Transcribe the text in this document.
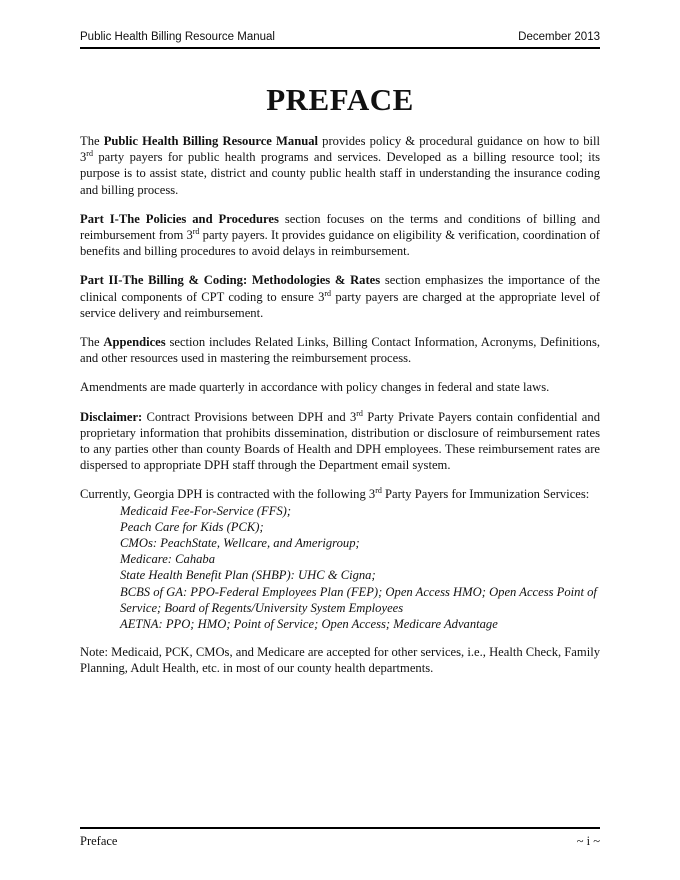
Public Health Billing Resource Manual	December 2013
PREFACE

The Public Health Billing Resource Manual provides policy & procedural guidance on how to bill 3rd party payers for public health programs and services. Developed as a billing resource tool; its purpose is to assist state, district and county public health staff in understanding the insurance coding and billing process.

Part I-The Policies and Procedures section focuses on the terms and conditions of billing and reimbursement from 3rd party payers. It provides guidance on eligibility & verification, coordination of benefits and billing procedures to avoid delays in reimbursement.

Part II-The Billing & Coding: Methodologies & Rates section emphasizes the importance of the clinical components of CPT coding to ensure 3rd party payers are charged at the appropriate level of service delivery and reimbursement.

The Appendices section includes Related Links, Billing Contact Information, Acronyms, Definitions, and other resources used in mastering the reimbursement process.

Amendments are made quarterly in accordance with policy changes in federal and state laws.

Disclaimer: Contract Provisions between DPH and 3rd Party Private Payers contain confidential and proprietary information that prohibits dissemination, distribution or disclosure of reimbursement rates to any parties other than county Boards of Health and DPH employees. These reimbursement rates are dispersed to appropriate DPH staff through the Department email system.

Currently, Georgia DPH is contracted with the following 3rd Party Payers for Immunization Services:

Medicaid Fee-For-Service (FFS);
Peach Care for Kids (PCK);
CMOs: PeachState, Wellcare, and Amerigroup;
Medicare: Cahaba
State Health Benefit Plan (SHBP): UHC & Cigna;
BCBS of GA: PPO-Federal Employees Plan (FEP); Open Access HMO; Open Access Point of Service; Board of Regents/University System Employees
AETNA: PPO; HMO; Point of Service; Open Access; Medicare Advantage

Note: Medicaid, PCK, CMOs, and Medicare are accepted for other services, i.e., Health Check, Family Planning, Adult Health, etc. in most of our county health departments.

Preface	~ i ~
